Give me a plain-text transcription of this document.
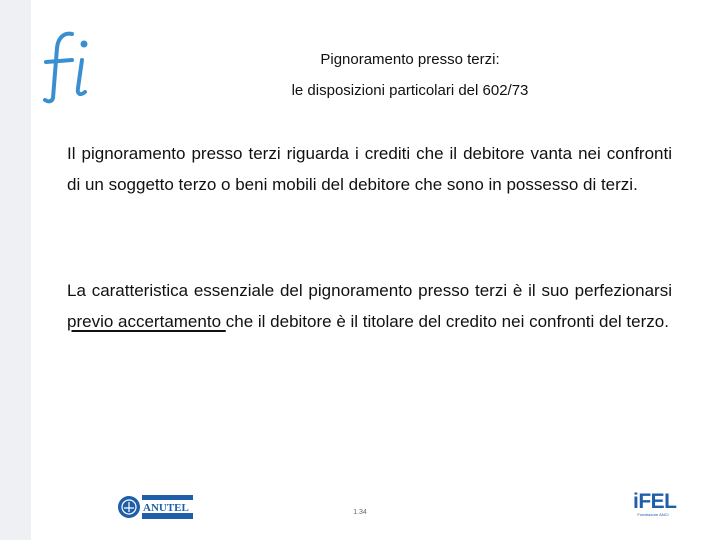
Pignoramento presso terzi:
le disposizioni particolari del 602/73

Il pignoramento presso terzi riguarda i crediti che il debitore vanta nei confronti di un soggetto terzo o beni mobili del debitore che sono in possesso di terzi.

La caratteristica essenziale del pignoramento presso terzi è il suo perfezionarsi previo accertamento che il debitore è il titolare del credito nei confronti del terzo.

ANUTEL	1.34	iFEL
Fondazione ANCI
